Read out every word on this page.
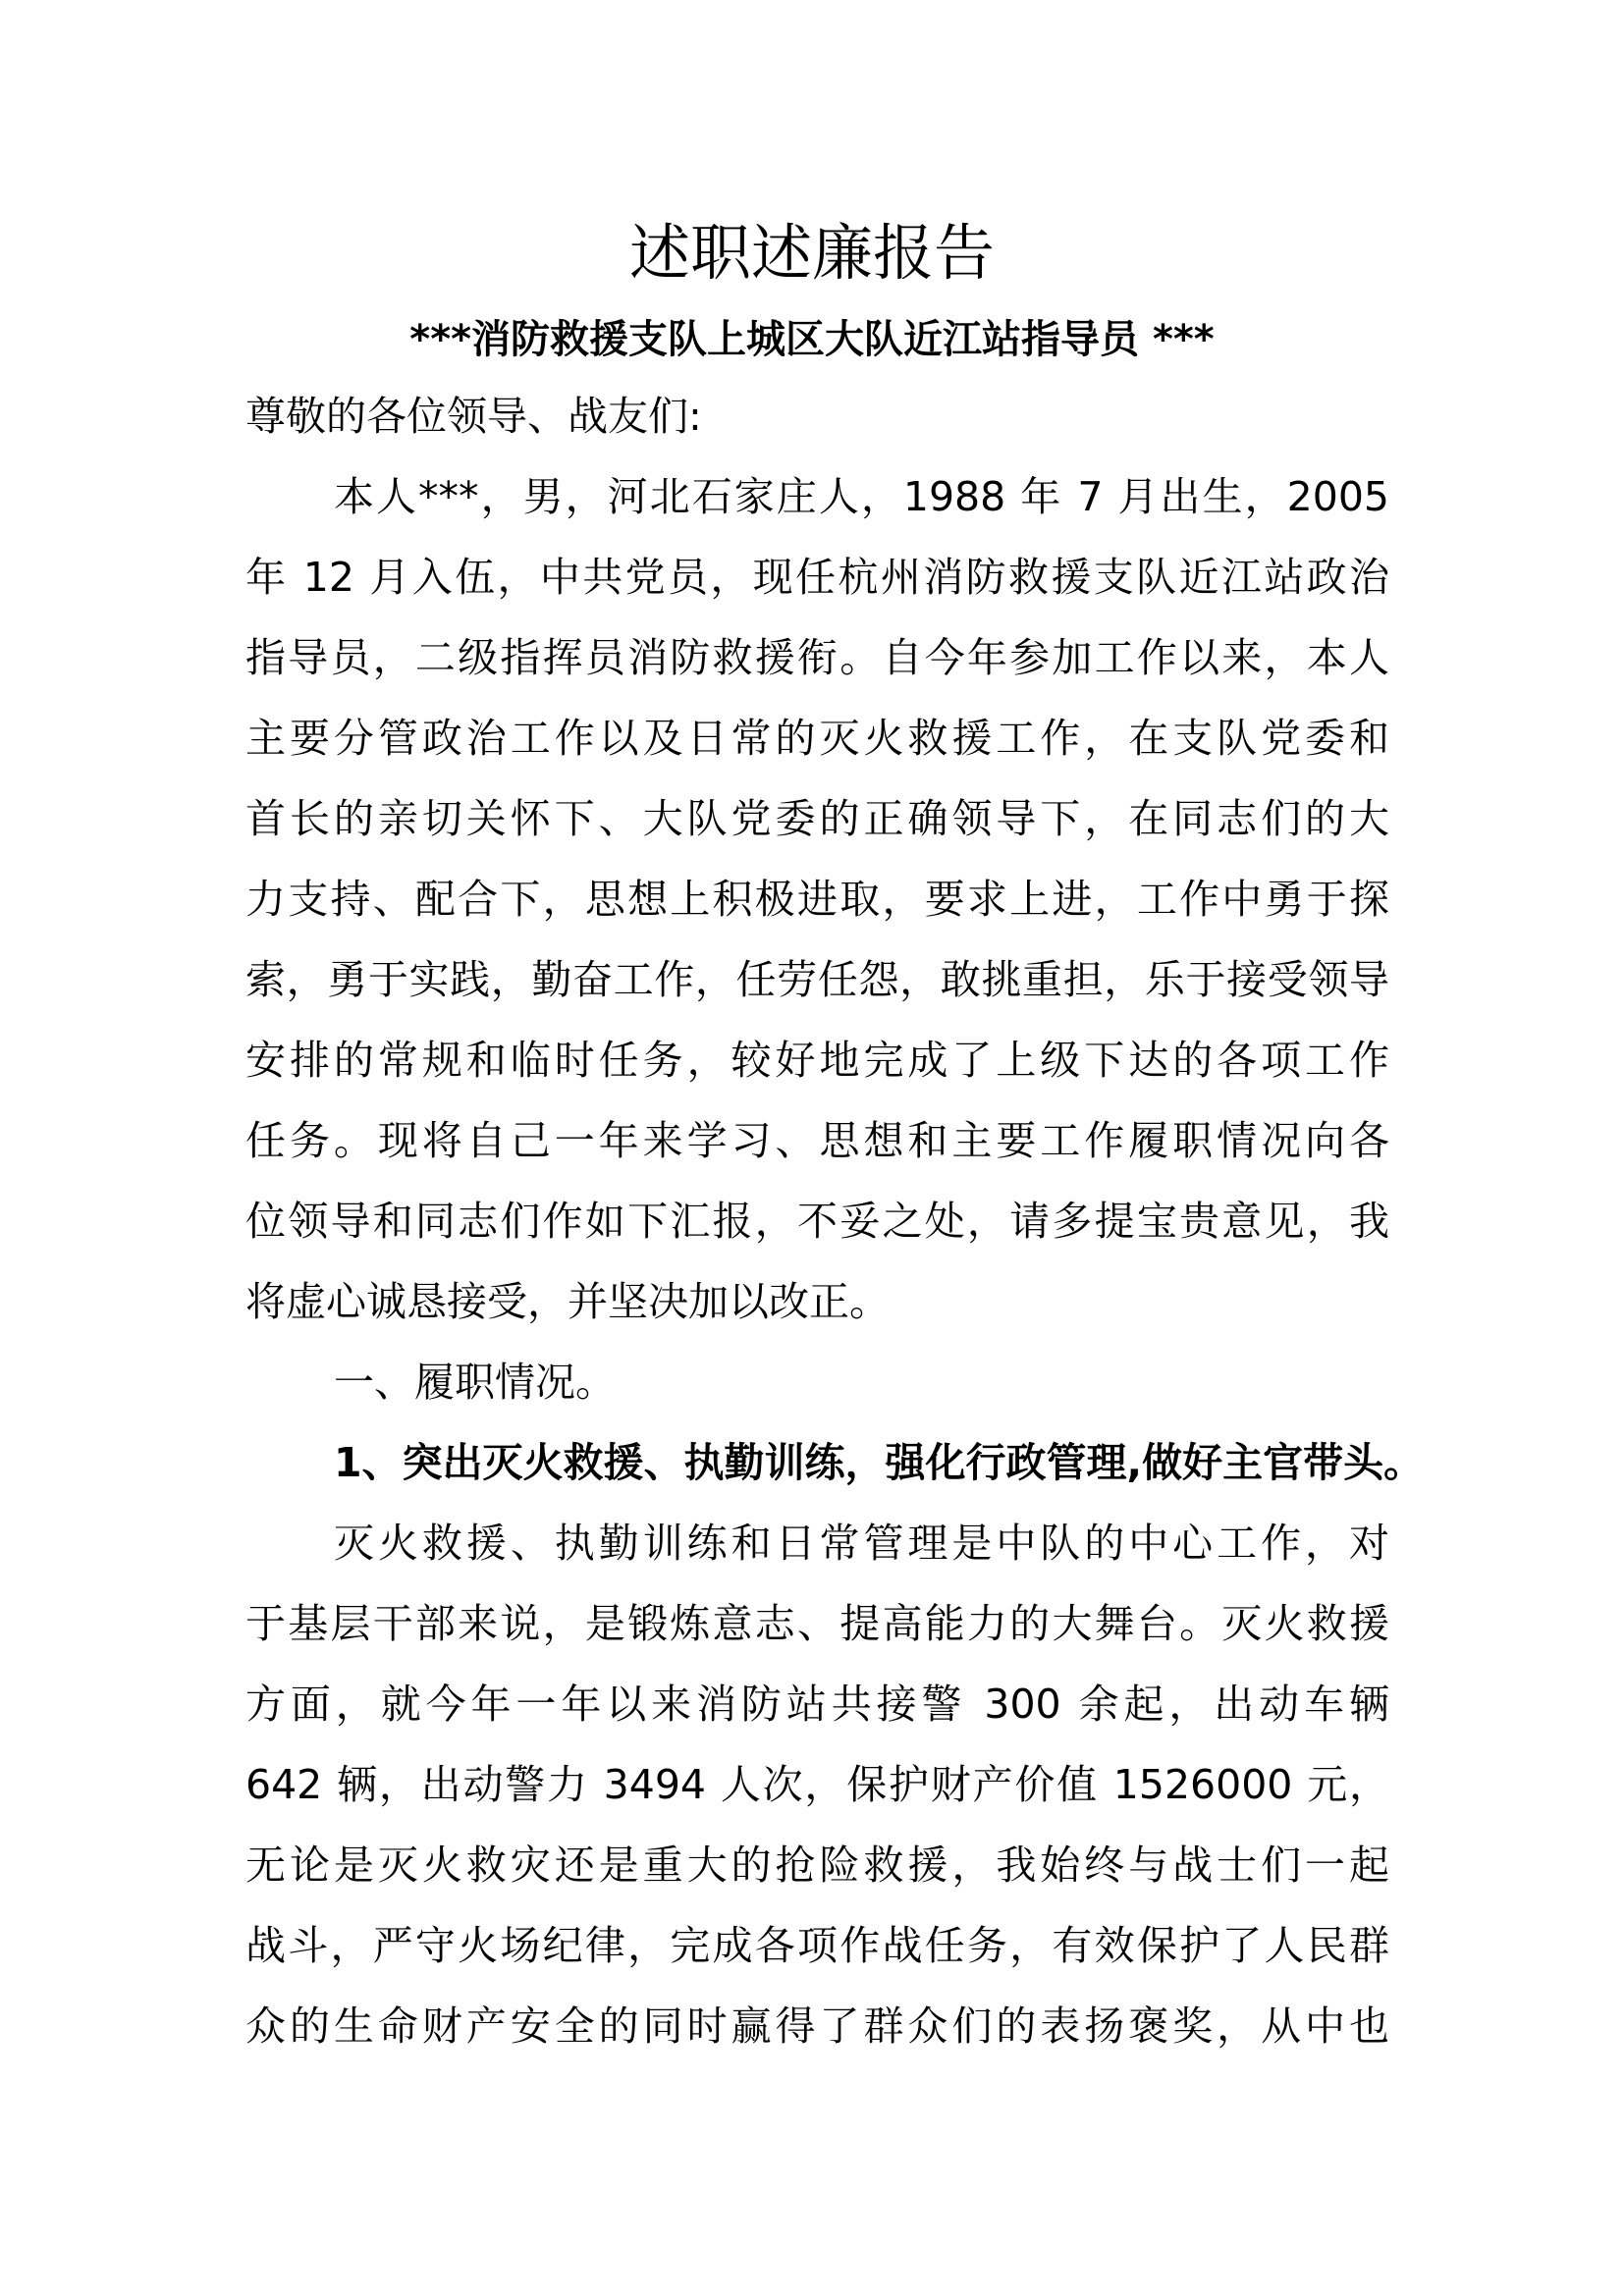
述职述廉报告
***消防救援支队上城区大队近江站指导员 ***

尊敬的各位领导、战友们:

本人***，男，河北石家庄人，1988 年 7 月出生，2005

年 12 月入伍，中共党员，现任杭州消防救援支队近江站政治

指导员，二级指挥员消防救援衔。自今年参加工作以来，本人

主要分管政治工作以及日常的灭火救援工作，在支队党委和

首长的亲切关怀下、大队党委的正确领导下，在同志们的大

力支持、配合下，思想上积极进取，要求上进，工作中勇于探

索，勇于实践，勤奋工作，任劳任怨，敢挑重担，乐于接受领导

安排的常规和临时任务，较好地完成了上级下达的各项工作

任务。现将自己一年来学习、思想和主要工作履职情况向各

位领导和同志们作如下汇报，不妥之处，请多提宝贵意见，我

将虚心诚恳接受，并坚决加以改正。

一、履职情况。

1、突出灭火救援、执勤训练，强化行政管理,做好主官带头。

灭火救援、执勤训练和日常管理是中队的中心工作，对

于基层干部来说，是锻炼意志、提高能力的大舞台。灭火救援

方面，就今年一年以来消防站共接警 300 余起，出动车辆

642 辆，出动警力 3494 人次，保护财产价值 1526000 元，

无论是灭火救灾还是重大的抢险救援，我始终与战士们一起

战斗，严守火场纪律，完成各项作战任务，有效保护了人民群

众的生命财产安全的同时赢得了群众们的表扬褒奖，从中也
